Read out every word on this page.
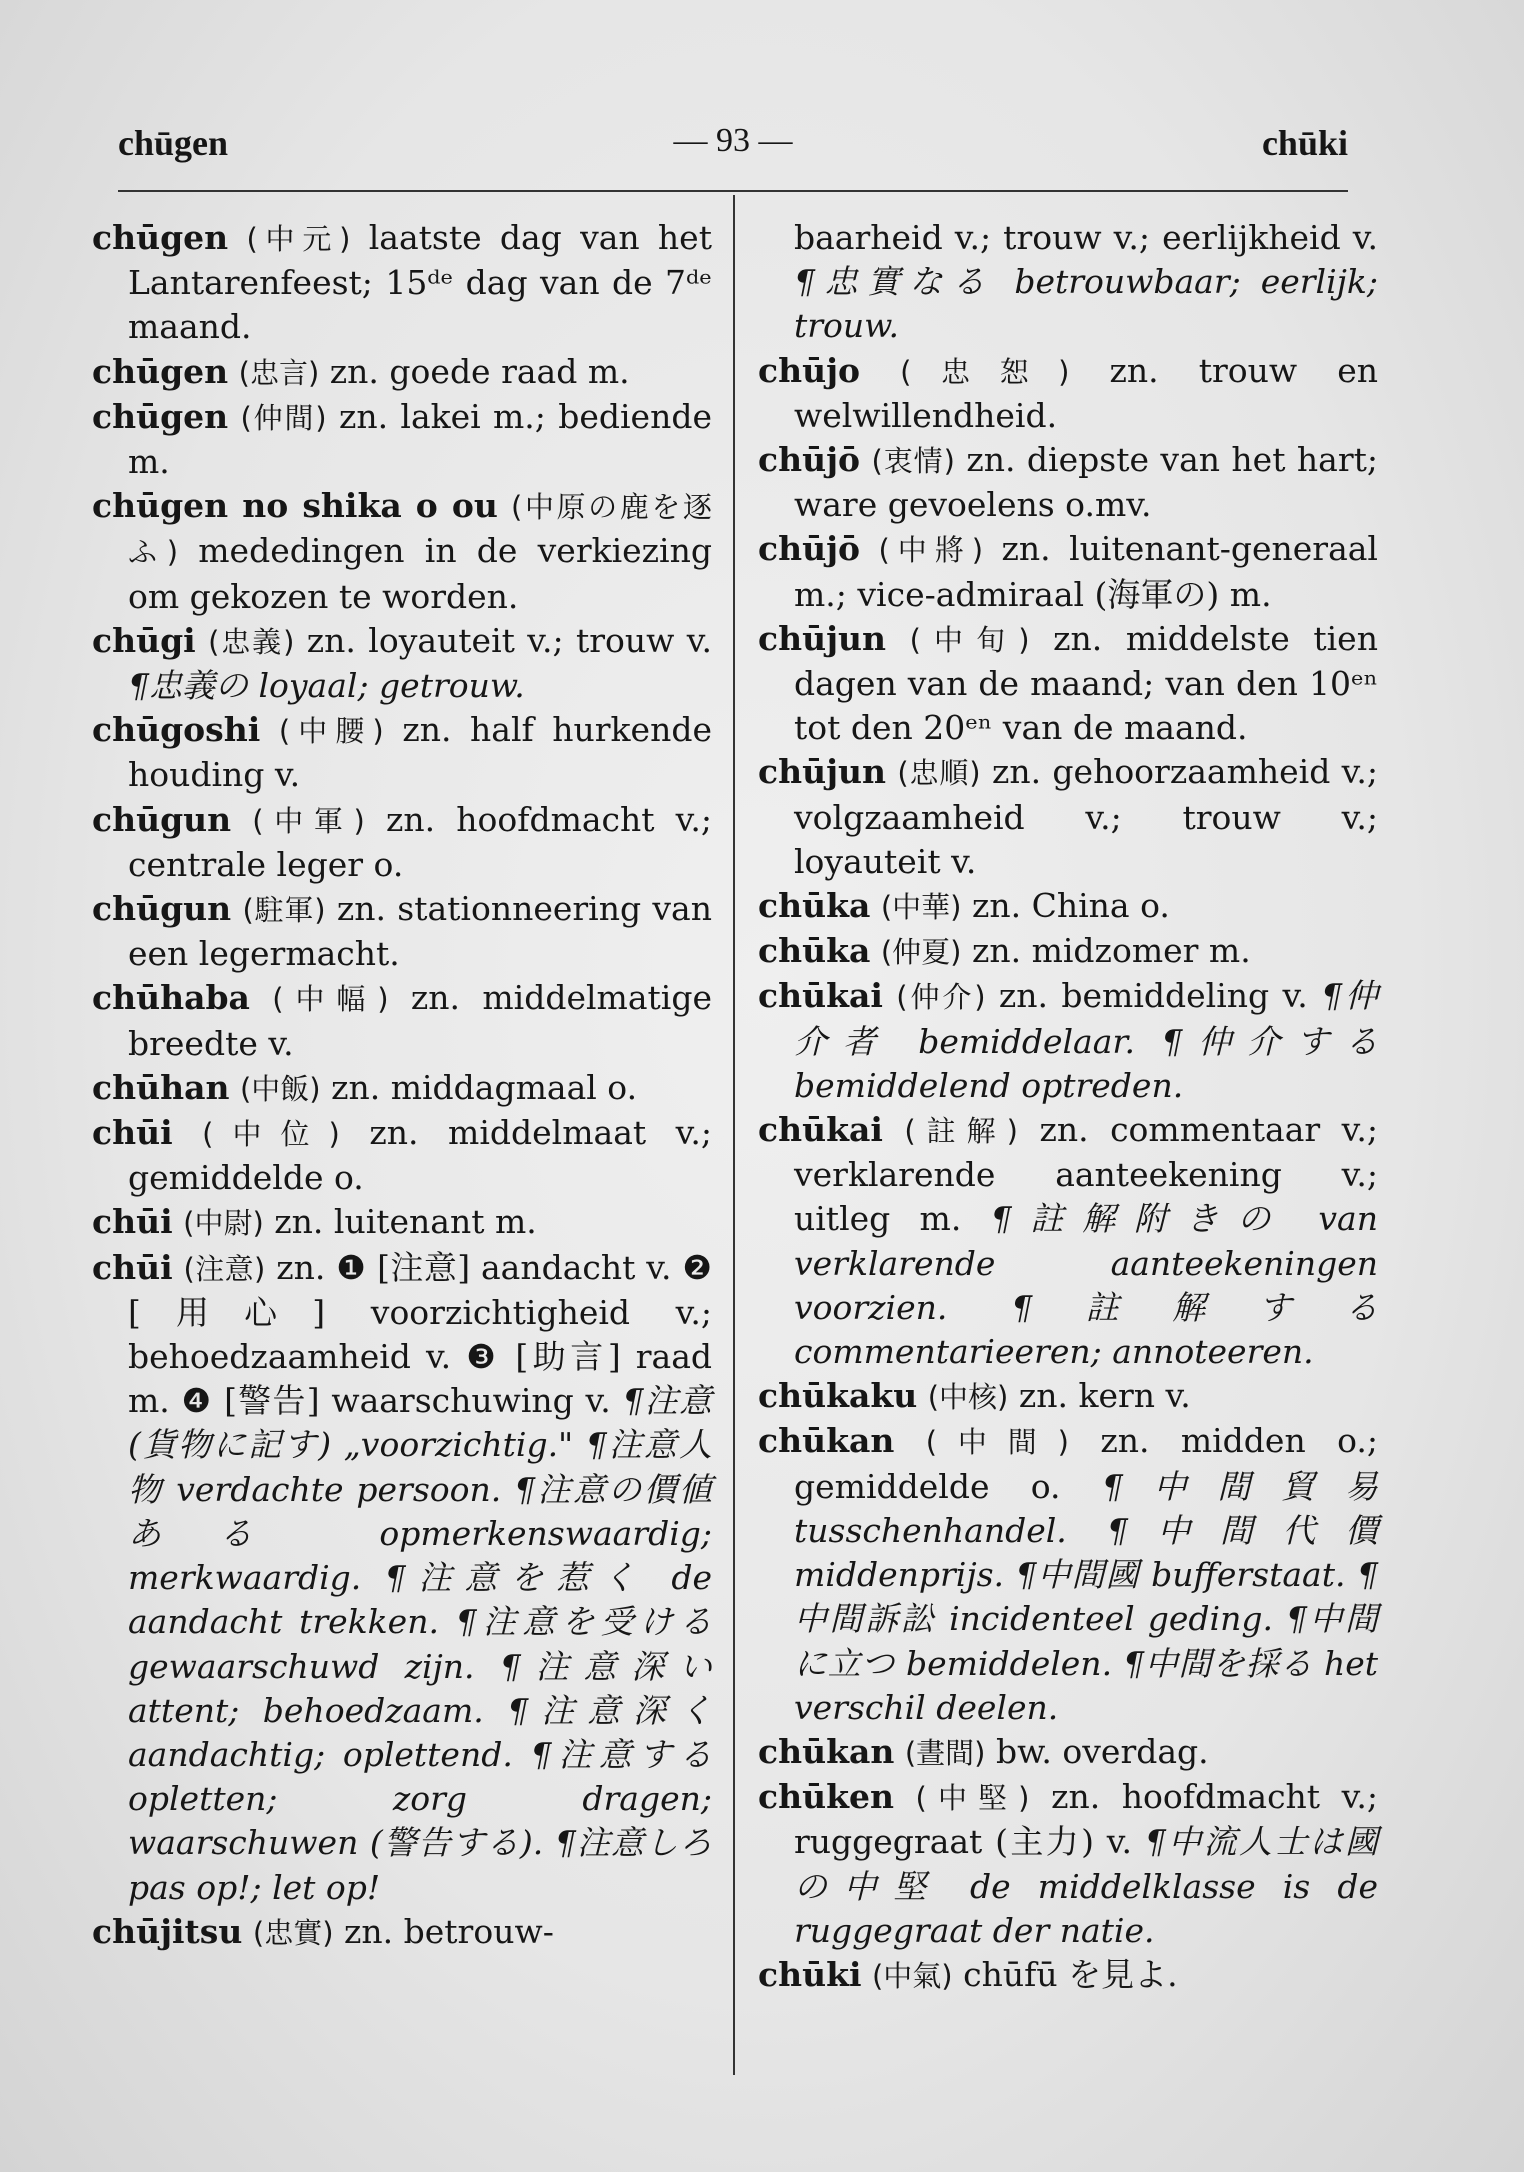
chūgen	— 93 —	chūki

chūgen (中元) laatste dag van het Lantarenfeest; 15ᵈᵉ dag van de 7ᵈᵉ maand.

chūgen (忠言) zn. goede raad m.

chūgen (仲間) zn. lakei m.; bediende m.

chūgen no shika o ou (中原の鹿を逐ふ) mededingen in de verkiezing om gekozen te worden.

chūgi (忠義) zn. loyauteit v.; trouw v. ¶忠義の loyaal; getrouw.

chūgoshi (中腰) zn. half hurkende houding v.

chūgun (中軍) zn. hoofdmacht v.; centrale leger o.

chūgun (駐軍) zn. stationneering van een legermacht.

chūhaba (中幅) zn. middelmatige breedte v.

chūhan (中飯) zn. middagmaal o.

chūi (中位) zn. middelmaat v.; gemiddelde o.

chūi (中尉) zn. luitenant m.

chūi (注意) zn. ❶ [注意] aandacht v. ❷ [用心] voorzichtigheid v.; behoedzaamheid v. ❸ [助言] raad m. ❹ [警告] waarschuwing v. ¶注意(貨物に記す) „voorzichtig." ¶注意人物 verdachte persoon. ¶注意の價値ある opmerkenswaardig; merkwaardig. ¶注意を惹く de aandacht trekken. ¶注意を受ける gewaarschuwd zijn. ¶注意深い attent; behoedzaam. ¶注意深く aandachtig; oplettend. ¶注意する opletten; zorg dragen; waarschuwen (警告する). ¶注意しろ pas op!; let op!

chūjitsu (忠實) zn. betrouw-

baarheid v.; trouw v.; eerlijkheid v. ¶忠實なる betrouwbaar; eerlijk; trouw.

chūjo (忠恕) zn. trouw en welwillendheid.

chūjō (衷情) zn. diepste van het hart; ware gevoelens o.mv.

chūjō (中將) zn. luitenant-generaal m.; vice-admiraal (海軍の) m.

chūjun (中旬) zn. middelste tien dagen van de maand; van den 10ᵉⁿ tot den 20ᵉⁿ van de maand.

chūjun (忠順) zn. gehoorzaamheid v.; volgzaamheid v.; trouw v.; loyauteit v.

chūka (中華) zn. China o.

chūka (仲夏) zn. midzomer m.

chūkai (仲介) zn. bemiddeling v. ¶仲介者 bemiddelaar. ¶仲介する bemiddelend optreden.

chūkai (註解) zn. commentaar v.; verklarende aanteekening v.; uitleg m. ¶註解附きの van verklarende aanteekeningen voorzien. ¶註解する commentarieeren; annoteeren.

chūkaku (中核) zn. kern v.

chūkan (中間) zn. midden o.; gemiddelde o. ¶中間貿易 tusschenhandel. ¶中間代價 middenprijs. ¶中間國 bufferstaat. ¶中間訴訟 incidenteel geding. ¶中間に立つ bemiddelen. ¶中間を採る het verschil deelen.

chūkan (晝間) bw. overdag.

chūken (中堅) zn. hoofdmacht v.; ruggegraat (主力) v. ¶中流人士は國の中堅 de middelklasse is de ruggegraat der natie.

chūki (中氣) chūfū を見よ.
